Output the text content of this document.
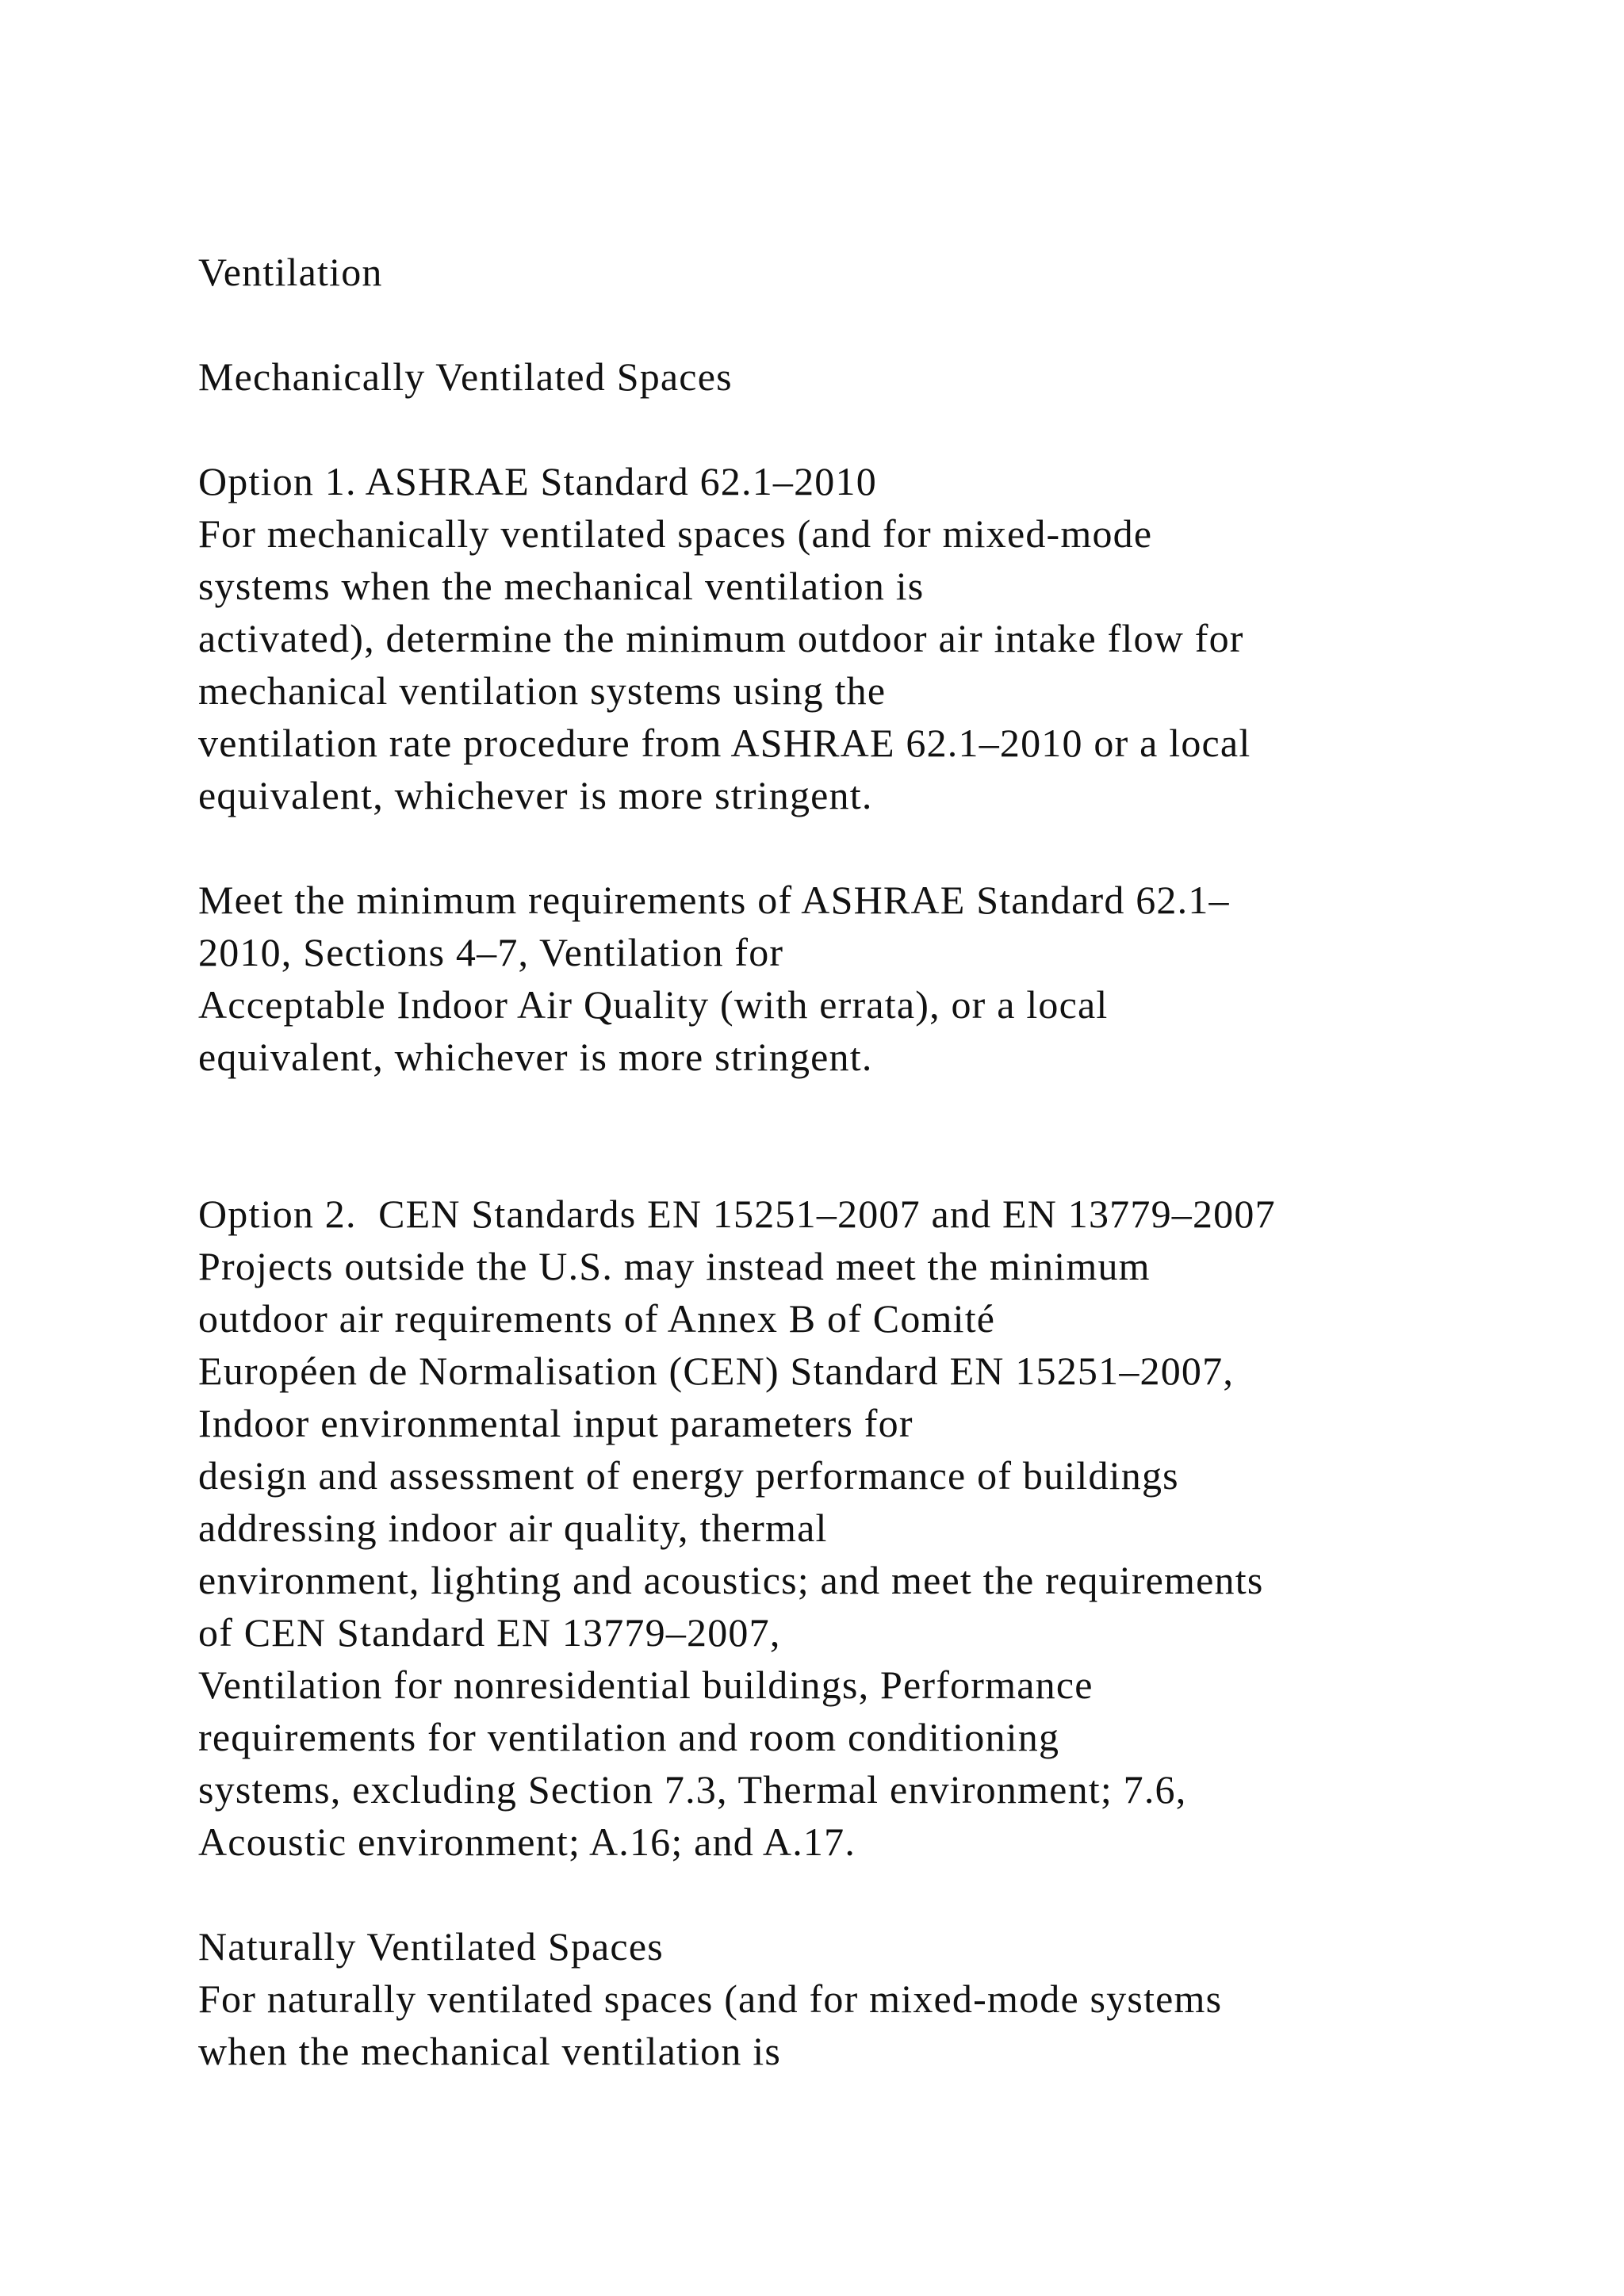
Ventilation
Mechanically Ventilated Spaces
Option 1. ASHRAE Standard 62.1–2010
For mechanically ventilated spaces (and for mixed-mode
systems when the mechanical ventilation is
activated), determine the minimum outdoor air intake flow for
mechanical ventilation systems using the
ventilation rate procedure from ASHRAE 62.1–2010 or a local
equivalent, whichever is more stringent.
Meet the minimum requirements of ASHRAE Standard 62.1–
2010, Sections 4–7, Ventilation for
Acceptable Indoor Air Quality (with errata), or a local
equivalent, whichever is more stringent.
Option 2.  CEN Standards EN 15251–2007 and EN 13779–2007
Projects outside the U.S. may instead meet the minimum
outdoor air requirements of Annex B of Comité
Européen de Normalisation (CEN) Standard EN 15251–2007,
Indoor environmental input parameters for
design and assessment of energy performance of buildings
addressing indoor air quality, thermal
environment, lighting and acoustics; and meet the requirements
of CEN Standard EN 13779–2007,
Ventilation for nonresidential buildings, Performance
requirements for ventilation and room conditioning
systems, excluding Section 7.3, Thermal environment; 7.6,
Acoustic environment; A.16; and A.17.
Naturally Ventilated Spaces
For naturally ventilated spaces (and for mixed-mode systems
when the mechanical ventilation is
